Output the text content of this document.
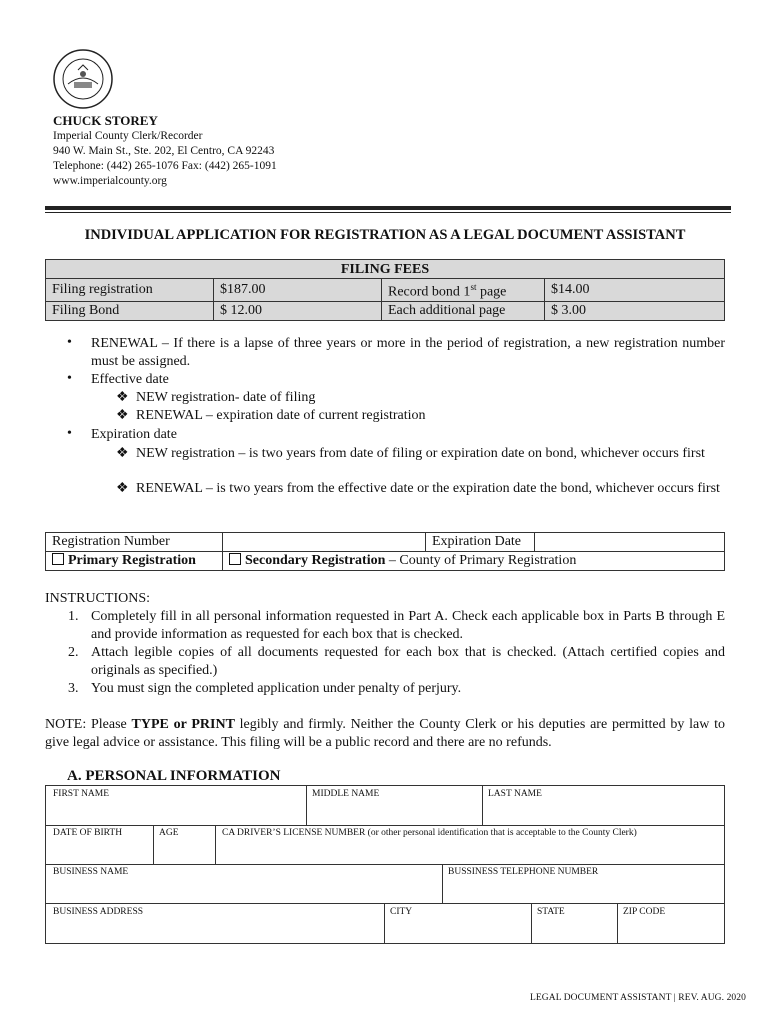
CHUCK STOREY
Imperial County Clerk/Recorder
940 W. Main St., Ste. 202, El Centro, CA 92243
Telephone: (442) 265-1076 Fax: (442) 265-1091
www.imperialcounty.org
INDIVIDUAL APPLICATION FOR REGISTRATION AS A LEGAL DOCUMENT ASSISTANT
FILING FEES			
Filing registration	$187.00	Record bond 1st page	$14.00
Filing Bond	$ 12.00	Each additional page	$ 3.00
• RENEWAL – If there is a lapse of three years or more in the period of registration, a new registration number must be assigned.
• Effective date
❖ NEW registration- date of filing
❖ RENEWAL – expiration date of current registration
• Expiration date
❖ NEW registration – is two years from date of filing or expiration date on bond, whichever occurs first
❖ RENEWAL – is two years from the effective date or the expiration date the bond, whichever occurs first
Registration Number		Expiration Date	
Primary Registration	Secondary Registration – County of Primary Registration		
INSTRUCTIONS:
1. Completely fill in all personal information requested in Part A. Check each applicable box in Parts B through E and provide information as requested for each box that is checked.
2. Attach legible copies of all documents requested for each box that is checked. (Attach certified copies and originals as specified.)
3. You must sign the completed application under penalty of perjury.
NOTE: Please TYPE or PRINT legibly and firmly. Neither the County Clerk or his deputies are permitted by law to give legal advice or assistance. This filing will be a public record and there are no refunds.
A. PERSONAL INFORMATION
FIRST NAME	MIDDLE NAME	LAST NAME
DATE OF BIRTH	AGE	CA DRIVER’S LICENSE NUMBER (or other personal identification that is acceptable to the County Clerk)
BUSINESS NAME	BUSSINESS TELEPHONE NUMBER
BUSINESS ADDRESS	CITY	STATE	ZIP CODE
LEGAL DOCUMENT ASSISTANT | REV. AUG. 2020
